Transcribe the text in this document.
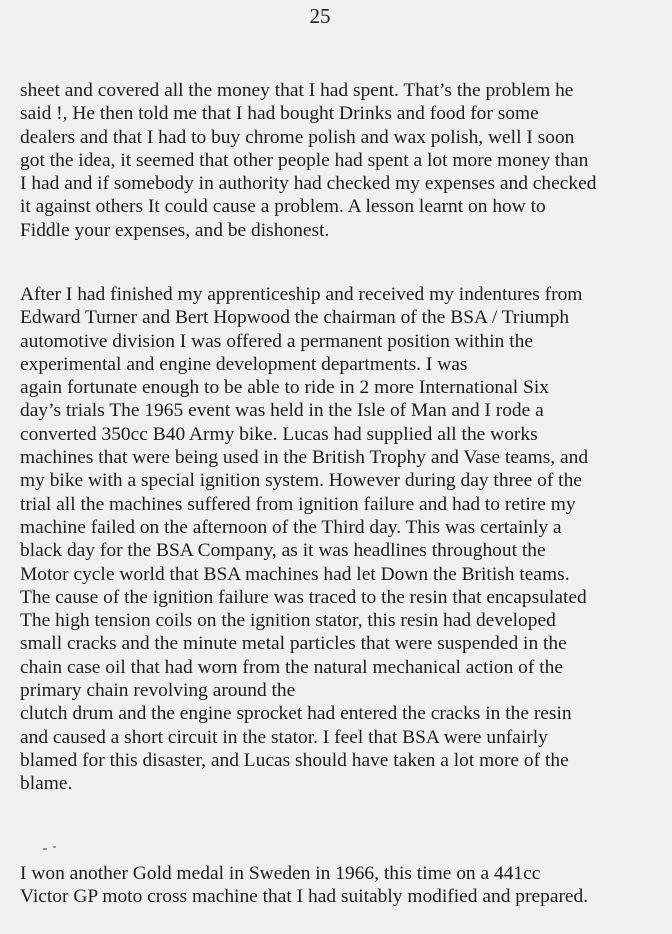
25

sheet and covered all the money that I had spent. That’s the problem he
said !, He then told me that I had bought Drinks and food for some
dealers and that I had to buy chrome polish and wax polish, well I soon
got the idea, it seemed that other people had spent a lot more money than
I had and if somebody in authority had checked my expenses and checked
it against others It could cause a problem. A lesson learnt on how to
Fiddle your expenses, and be dishonest.

After I had finished my apprenticeship and received my indentures from
Edward Turner and Bert Hopwood the chairman of the BSA / Triumph
automotive division I was offered a permanent position within the
experimental and engine development departments. I was
again fortunate enough to be able to ride in 2 more International Six
day’s trials The 1965 event was held in the Isle of Man and I rode a
converted 350cc B40 Army bike. Lucas had supplied all the works
machines that were being used in the British Trophy and Vase teams, and
my bike with a special ignition system. However during day three of the
trial all the machines suffered from ignition failure and had to retire my
machine failed on the afternoon of the Third day. This was certainly a
black day for the BSA Company, as it was headlines throughout the
Motor cycle world that BSA machines had let Down the British teams.
The cause of the ignition failure was traced to the resin that encapsulated
The high tension coils on the ignition stator, this resin had developed
small cracks and the minute metal particles that were suspended in the
chain case oil that had worn from the natural mechanical action of the
primary chain revolving around the
clutch drum and the engine sprocket had entered the cracks in the resin
and caused a short circuit in the stator. I feel that BSA were unfairly
blamed for this disaster, and Lucas should have taken a lot more of the
blame.

I won another Gold medal in Sweden in 1966, this time on a 441cc
Victor GP moto cross machine that I had suitably modified and prepared.
